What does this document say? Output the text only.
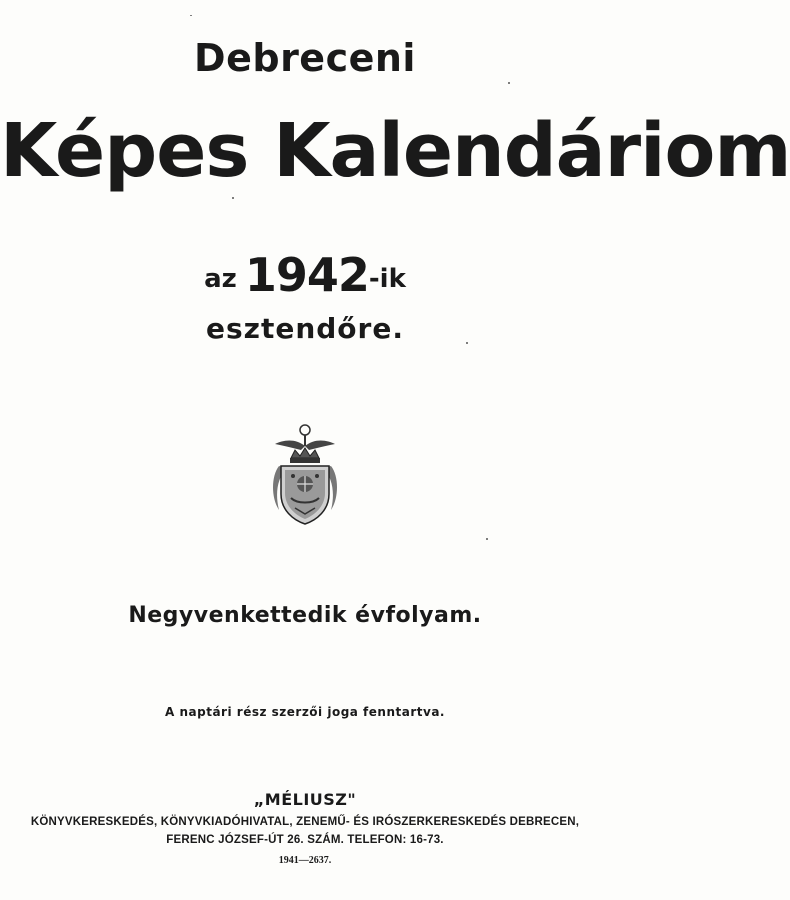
Debreceni
Képes Kalendáriom
az 1942-ik
esztendőre.
Negyvenkettedik évfolyam.
A naptári rész szerzői joga fenntartva.
„MÉLIUSZ"
KÖNYVKERESKEDÉS, KÖNYVKIADÓHIVATAL, ZENEMŰ- ÉS IRÓSZERKERESKEDÉS DEBRECEN,
FERENC JÓZSEF-ÚT 26. SZÁM. TELEFON: 16-73.
1941—2637.
